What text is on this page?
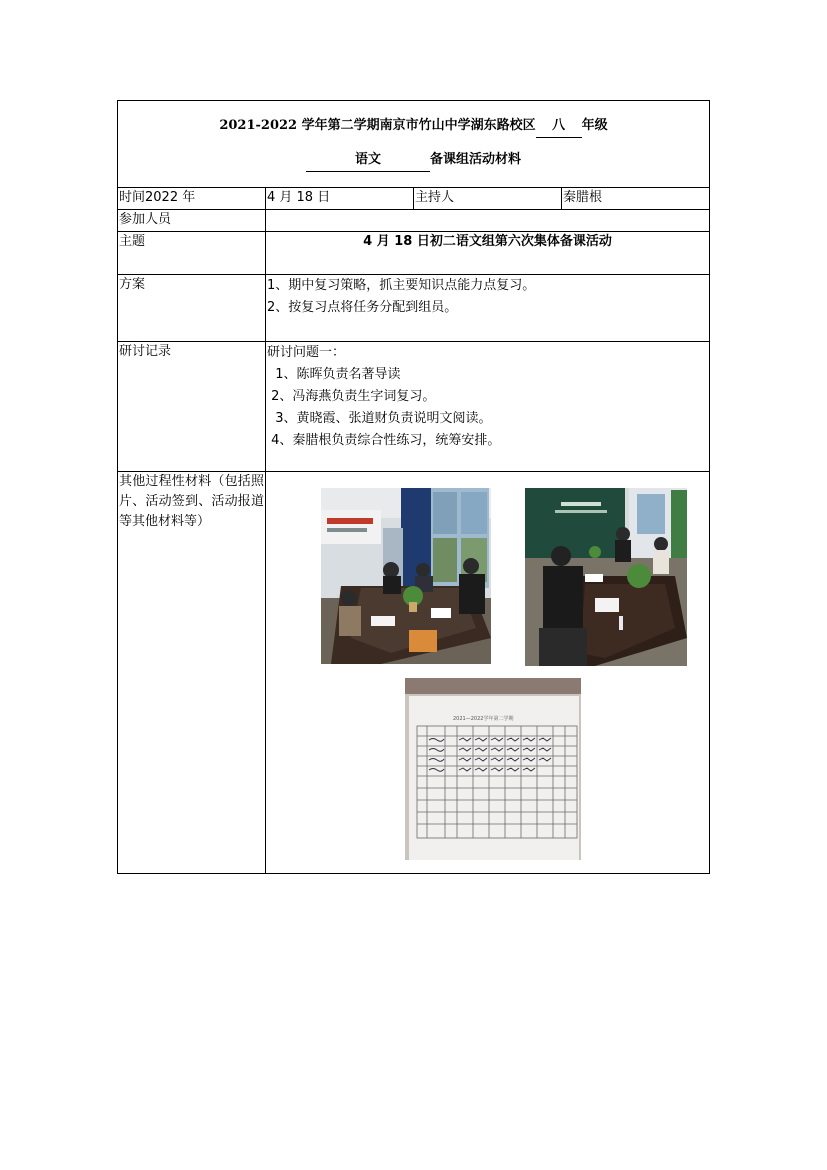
2021-2022 学年第二学期南京市竹山中学湖东路校区 八 年级
语文 备课组活动材料			

时间2022 年	4 月 18 日	主持人	秦腊根
参加人员			
主题	4 月 18 日初二语文组第六次集体备课活动		
方案	1、期中复习策略，抓主要知识点能力点复习。
2、按复习点将任务分配到组员。		

研讨记录	研讨问题一：
1、陈晖负责名著导读
2、冯海燕负责生字词复习。
3、黄晓霞、张道财负责说明文阅读。
4、秦腊根负责综合性练习，统筹安排。		

其他过程性材料（包括照片、活动签到、活动报道等其他材料等）	2021—2022学年第二学期		
